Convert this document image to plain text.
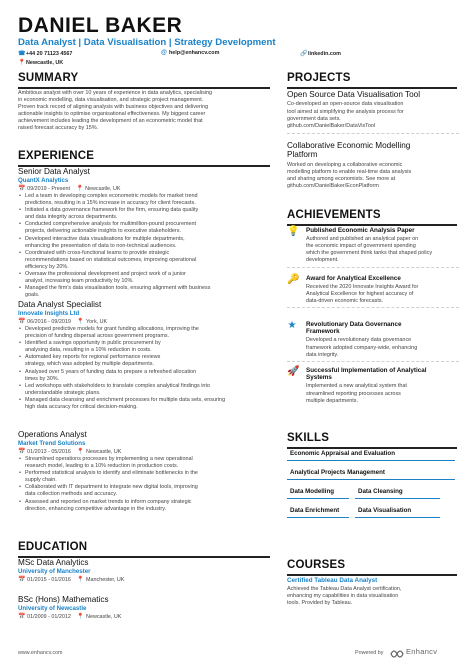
DANIEL BAKER
Data Analyst | Data Visualisation | Strategy Development
☎+44 20 71123 4567	@ help@enhancv.com	🔗linkedin.com
📍Newcastle, UK
SUMMARY
Ambitious analyst with over 10 years of experience in data analytics, specialising
in economic modelling, data visualisation, and strategic project management.
Proven track record of aligning analysis with business objectives and delivering
actionable insights to optimise organisational effectiveness. My biggest career
achievement includes leading the development of an econometric model that
raised forecast accuracy by 15%.
EXPERIENCE
Senior Data Analyst
QuantX Analytics
📅 09/2019 - Present 📍 Newcastle, UK
• Led a team in developing complex econometric models for market trend
predictions, resulting in a 15% increase in accuracy for client forecasts.
• Initiated a data governance framework for the firm, ensuring data quality
and data integrity across departments.
• Conducted comprehensive analysis for multimillion-pound procurement
projects, delivering actionable insights to executive stakeholders.
• Developed interactive data visualisations for multiple departments,
enhancing the presentation of data to non-technical audiences.
• Coordinated with cross-functional teams to provide strategic
recommendations based on statistical outcomes, improving operational
efficiency by 20%.
• Oversaw the professional development and project work of a junior
analyst, increasing team productivity by 10%.
• Managed the firm's data visualisation tools, ensuring alignment with business
goals.
Data Analyst Specialist
Innovate Insights Ltd
📅 06/2016 - 09/2019 📍 York, UK
• Developed predictive models for grant funding allocations, improving the
precision of funding dispersal across government programs.
• Identified a savings opportunity in public procurement by
analysing data, resulting in a 10% reduction in costs.
• Automated key reports for regional performance reviews
strategy, which was adopted by multiple departments.
• Analysed over 5 years of funding data to prepare a refreshed allocation
times by 30%.
• Led workshops with stakeholders to translate complex analytical findings into
understandable strategic plans.
• Managed data cleansing and enrichment processes for multiple data sets, ensuring
high data accuracy for critical decision-making.
Operations Analyst
Market Trend Solutions
📅 01/2013 - 05/2016 📍 Newcastle, UK
• Streamlined operations processes by implementing a new operational
research model, leading to a 10% reduction in production costs.
• Performed statistical analysis to identify and eliminate bottlenecks in the
supply chain.
• Collaborated with IT department to integrate new digital tools, improving
data collection methods and accuracy.
• Assessed and reported on market trends to inform company strategic
direction, enhancing competitive advantage in the industry.
EDUCATION
MSc Data Analytics
University of Manchester
📅 01/2015 - 01/2016 📍 Manchester, UK
BSc (Hons) Mathematics
University of Newcastle
📅 01/2009 - 01/2012 📍 Newcastle, UK
PROJECTS
Open Source Data Visualisation Tool
Co-developed an open-source data visualisation
tool aimed at simplifying the analysis process for
government data sets.
github.com/DanielBaker/DataVisTool
Collaborative Economic Modelling
Platform
Worked on developing a collaborative economic
modelling platform to enable real-time data analysis
and sharing among economists. See more at
github.com/DanielBaker/EconPlatform
ACHIEVEMENTS
💡 Published Economic Analysis Paper
Authored and published an analytical paper on
the economic impact of government spending
which the government think tanks that shaped policy
development.
🔑 Award for Analytical Excellence
Received the 2020 Innovate Insights Award for
Analytical Excellence for highest accuracy of
data-driven economic forecasts.
★ Revolutionary Data Governance
Framework
Developed a revolutionary data governance
framework adopted company-wide, enhancing
data integrity.
🚀 Successful Implementation of Analytical
Systems
Implemented a new analytical system that
streamlined reporting processes across
multiple departments.
SKILLS
Economic Appraisal and Evaluation
Analytical Projects Management
Data Modelling	Data Cleansing
Data Enrichment	Data Visualisation
COURSES
Certified Tableau Data Analyst
Achieved the Tableau Data Analyst certification,
enhancing my capabilities in data visualisation
tools. Provided by Tableau.
www.enhancv.com	Powered by	Enhancv
